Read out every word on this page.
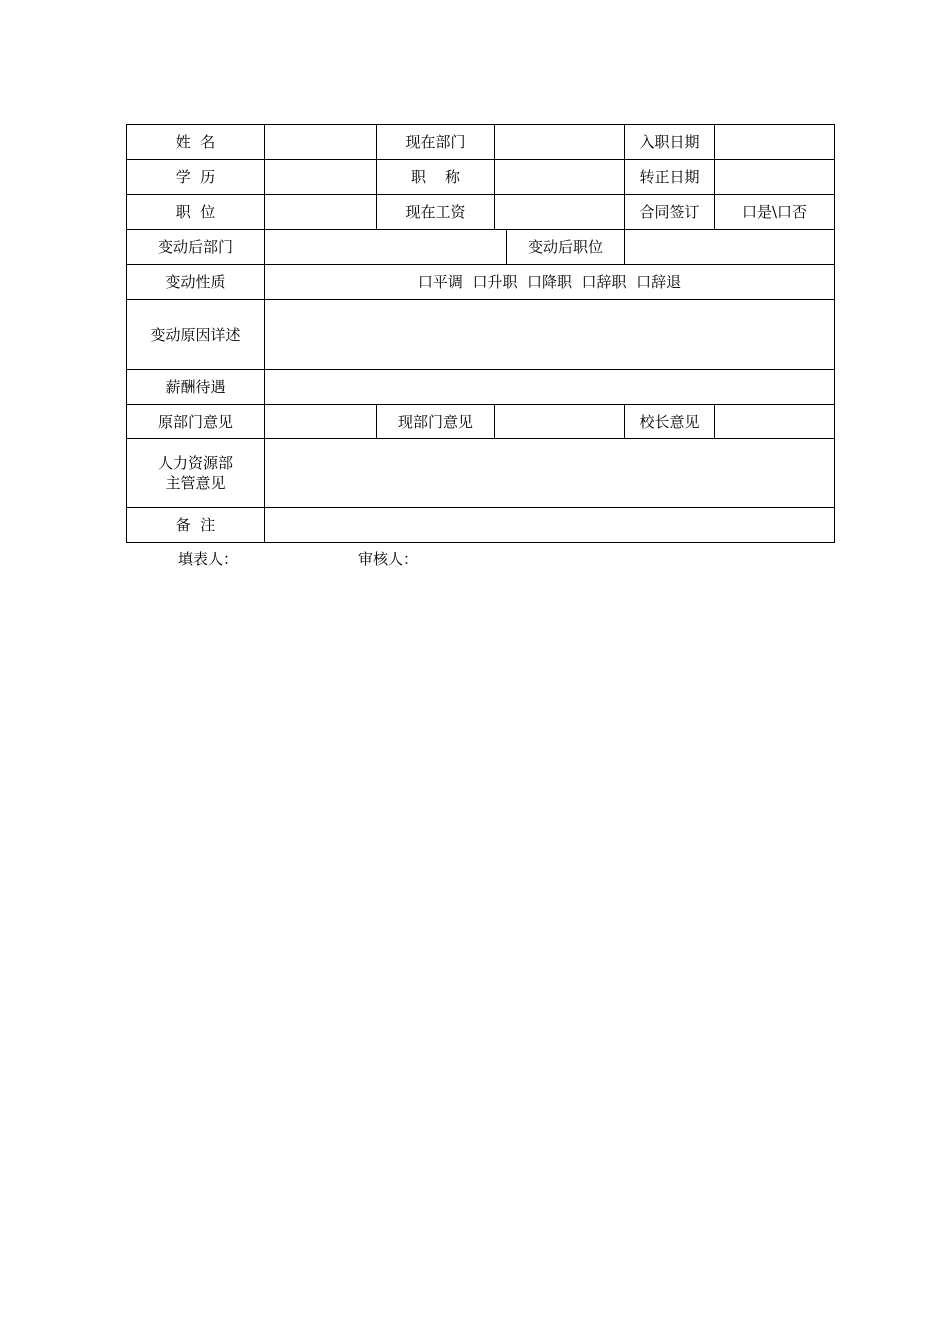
姓  名		现在部门			入职日期	
学  历		职    称			转正日期	
职  位		现在工资			合同签订	口是\口否
变动后部门				变动后职位		
变动性质	口平调  口升职  口降职  口辞职  口辞退					
变动原因详述						
薪酬待遇						
原部门意见		现部门意见			校长意见	

人力资源部
主管意见						

备  注						
填表人：	审核人：
